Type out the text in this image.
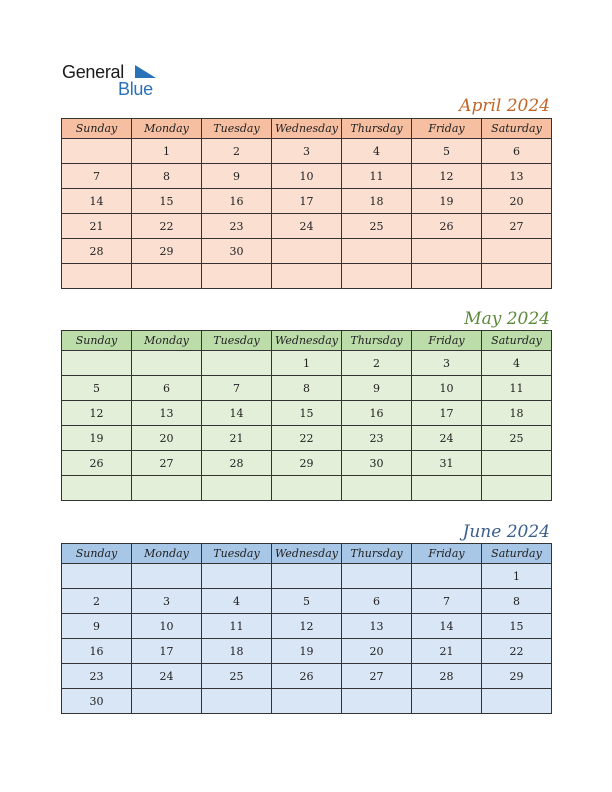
General
Blue
April 2024
Sunday	Monday	Tuesday	Wednesday	Thursday	Friday	Saturday
	1	2	3	4	5	6
7	8	9	10	11	12	13
14	15	16	17	18	19	20
21	22	23	24	25	26	27
28	29	30				

May 2024
Sunday	Monday	Tuesday	Wednesday	Thursday	Friday	Saturday
			1	2	3	4
5	6	7	8	9	10	11
12	13	14	15	16	17	18
19	20	21	22	23	24	25
26	27	28	29	30	31	

June 2024
Sunday	Monday	Tuesday	Wednesday	Thursday	Friday	Saturday
						1
2	3	4	5	6	7	8
9	10	11	12	13	14	15
16	17	18	19	20	21	22
23	24	25	26	27	28	29
30						
